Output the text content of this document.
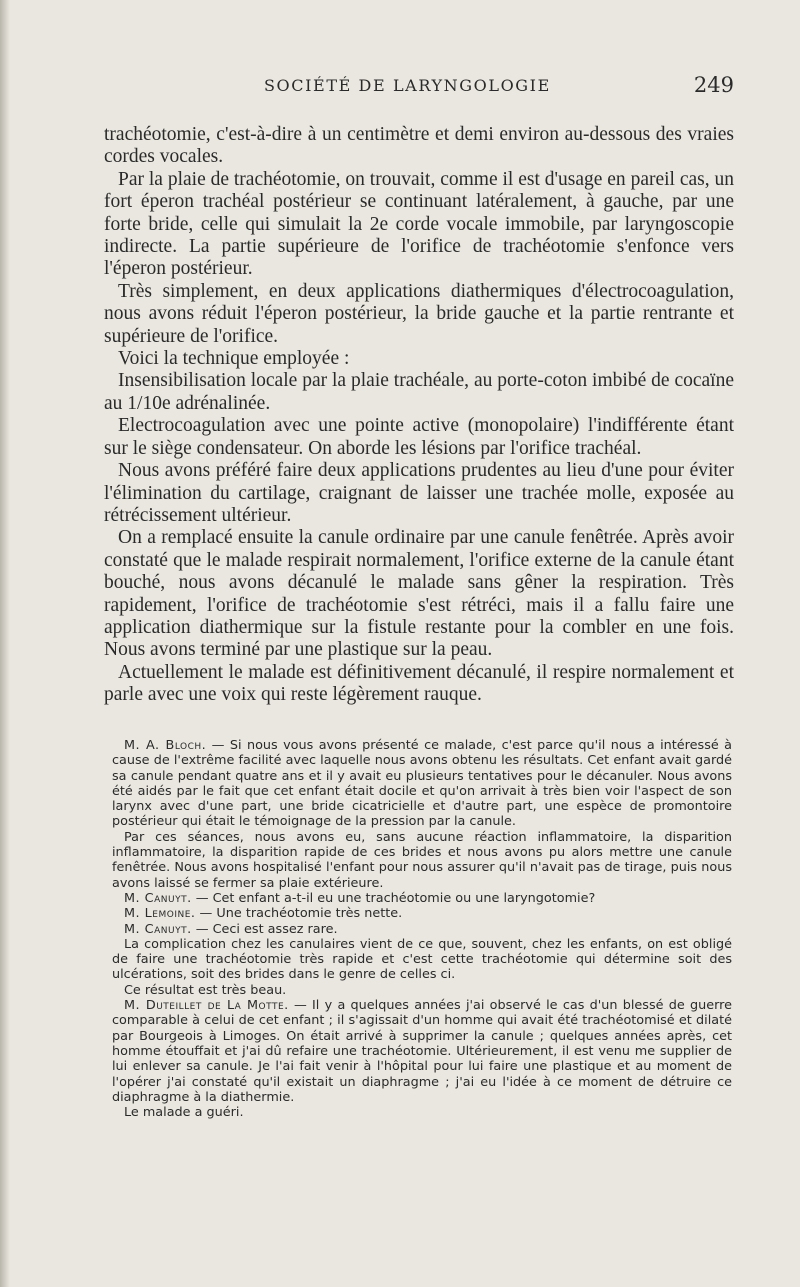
SOCIÉTÉ DE LARYNGOLOGIE	249

trachéotomie, c'est-à-dire à un centimètre et demi environ au-dessous des vraies cordes vocales.

Par la plaie de trachéotomie, on trouvait, comme il est d'usage en pareil cas, un fort éperon trachéal postérieur se continuant latéralement, à gauche, par une forte bride, celle qui simulait la 2e corde vocale immobile, par laryngoscopie indirecte. La partie supérieure de l'orifice de trachéotomie s'enfonce vers l'éperon postérieur.

Très simplement, en deux applications diathermiques d'électrocoagulation, nous avons réduit l'éperon postérieur, la bride gauche et la partie rentrante et supérieure de l'orifice.

Voici la technique employée :

Insensibilisation locale par la plaie trachéale, au porte-coton imbibé de cocaïne au 1/10e adrénalinée.

Electrocoagulation avec une pointe active (monopolaire) l'indifférente étant sur le siège condensateur. On aborde les lésions par l'orifice trachéal.

Nous avons préféré faire deux applications prudentes au lieu d'une pour éviter l'élimination du cartilage, craignant de laisser une trachée molle, exposée au rétrécissement ultérieur.

On a remplacé ensuite la canule ordinaire par une canule fenêtrée. Après avoir constaté que le malade respirait normalement, l'orifice externe de la canule étant bouché, nous avons décanulé le malade sans gêner la respiration. Très rapidement, l'orifice de trachéotomie s'est rétréci, mais il a fallu faire une application diathermique sur la fistule restante pour la combler en une fois. Nous avons terminé par une plastique sur la peau.

Actuellement le malade est définitivement décanulé, il respire normalement et parle avec une voix qui reste légèrement rauque.

M. A. Bloch. — Si nous vous avons présenté ce malade, c'est parce qu'il nous a intéressé à cause de l'extrême facilité avec laquelle nous avons obtenu les résultats. Cet enfant avait gardé sa canule pendant quatre ans et il y avait eu plusieurs tentatives pour le décanuler. Nous avons été aidés par le fait que cet enfant était docile et qu'on arrivait à très bien voir l'aspect de son larynx avec d'une part, une bride cicatricielle et d'autre part, une espèce de promontoire postérieur qui était le témoignage de la pression par la canule.

Par ces séances, nous avons eu, sans aucune réaction inflammatoire, la disparition inflammatoire, la disparition rapide de ces brides et nous avons pu alors mettre une canule fenêtrée. Nous avons hospitalisé l'enfant pour nous assurer qu'il n'avait pas de tirage, puis nous avons laissé se fermer sa plaie extérieure.

M. Canuyt. — Cet enfant a-t-il eu une trachéotomie ou une laryngotomie?

M. Lemoine. — Une trachéotomie très nette.

M. Canuyt. — Ceci est assez rare.

La complication chez les canulaires vient de ce que, souvent, chez les enfants, on est obligé de faire une trachéotomie très rapide et c'est cette trachéotomie qui détermine soit des ulcérations, soit des brides dans le genre de celles ci.

Ce résultat est très beau.

M. Duteillet de La Motte. — Il y a quelques années j'ai observé le cas d'un blessé de guerre comparable à celui de cet enfant ; il s'agissait d'un homme qui avait été trachéotomisé et dilaté par Bourgeois à Limoges. On était arrivé à supprimer la canule ; quelques années après, cet homme étouffait et j'ai dû refaire une trachéotomie. Ultérieurement, il est venu me supplier de lui enlever sa canule. Je l'ai fait venir à l'hôpital pour lui faire une plastique et au moment de l'opérer j'ai constaté qu'il existait un diaphragme ; j'ai eu l'idée à ce moment de détruire ce diaphragme à la diathermie.

Le malade a guéri.
